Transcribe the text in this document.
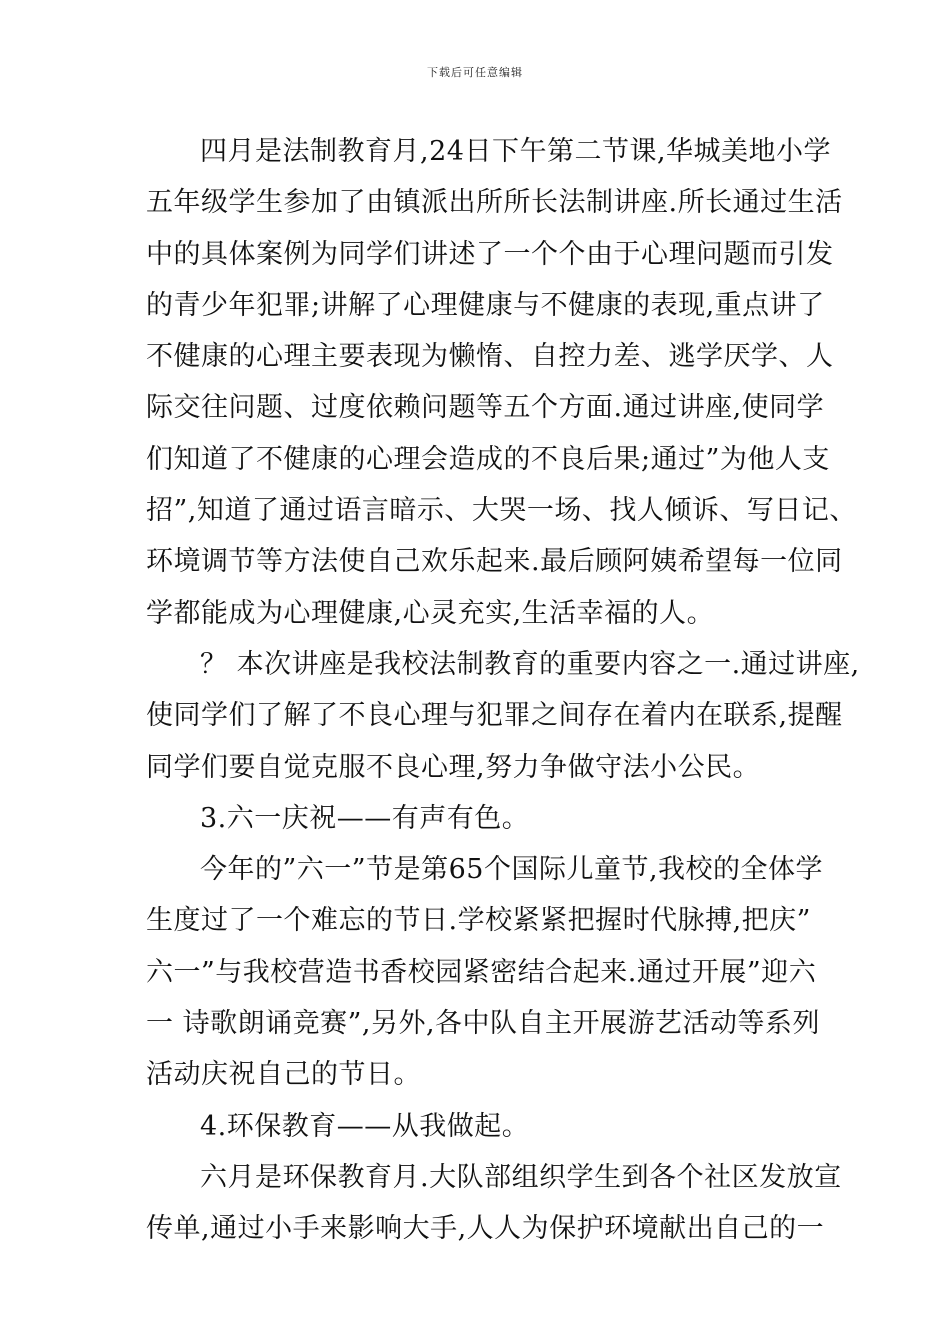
下载后可任意编辑
四月是法制教育月,24日下午第二节课,华城美地小学
五年级学生参加了由镇派出所所长法制讲座.所长通过生活
中的具体案例为同学们讲述了一个个由于心理问题而引发
的青少年犯罪;讲解了心理健康与不健康的表现,重点讲了
不健康的心理主要表现为懒惰、自控力差、逃学厌学、人
际交往问题、过度依赖问题等五个方面.通过讲座,使同学
们知道了不健康的心理会造成的不良后果;通过”为他人支
招”,知道了通过语言暗示、大哭一场、找人倾诉、写日记、
环境调节等方法使自己欢乐起来.最后顾阿姨希望每一位同
学都能成为心理健康,心灵充实,生活幸福的人。
？ 本次讲座是我校法制教育的重要内容之一.通过讲座,
使同学们了解了不良心理与犯罪之间存在着内在联系,提醒
同学们要自觉克服不良心理,努力争做守法小公民。
3.六一庆祝——有声有色。
今年的”六一”节是第65个国际儿童节,我校的全体学
生度过了一个难忘的节日.学校紧紧把握时代脉搏,把庆”
六一”与我校营造书香校园紧密结合起来.通过开展”迎六
一 诗歌朗诵竞赛”,另外,各中队自主开展游艺活动等系列
活动庆祝自己的节日。
4.环保教育——从我做起。
六月是环保教育月.大队部组织学生到各个社区发放宣
传单,通过小手来影响大手,人人为保护环境献出自己的一
